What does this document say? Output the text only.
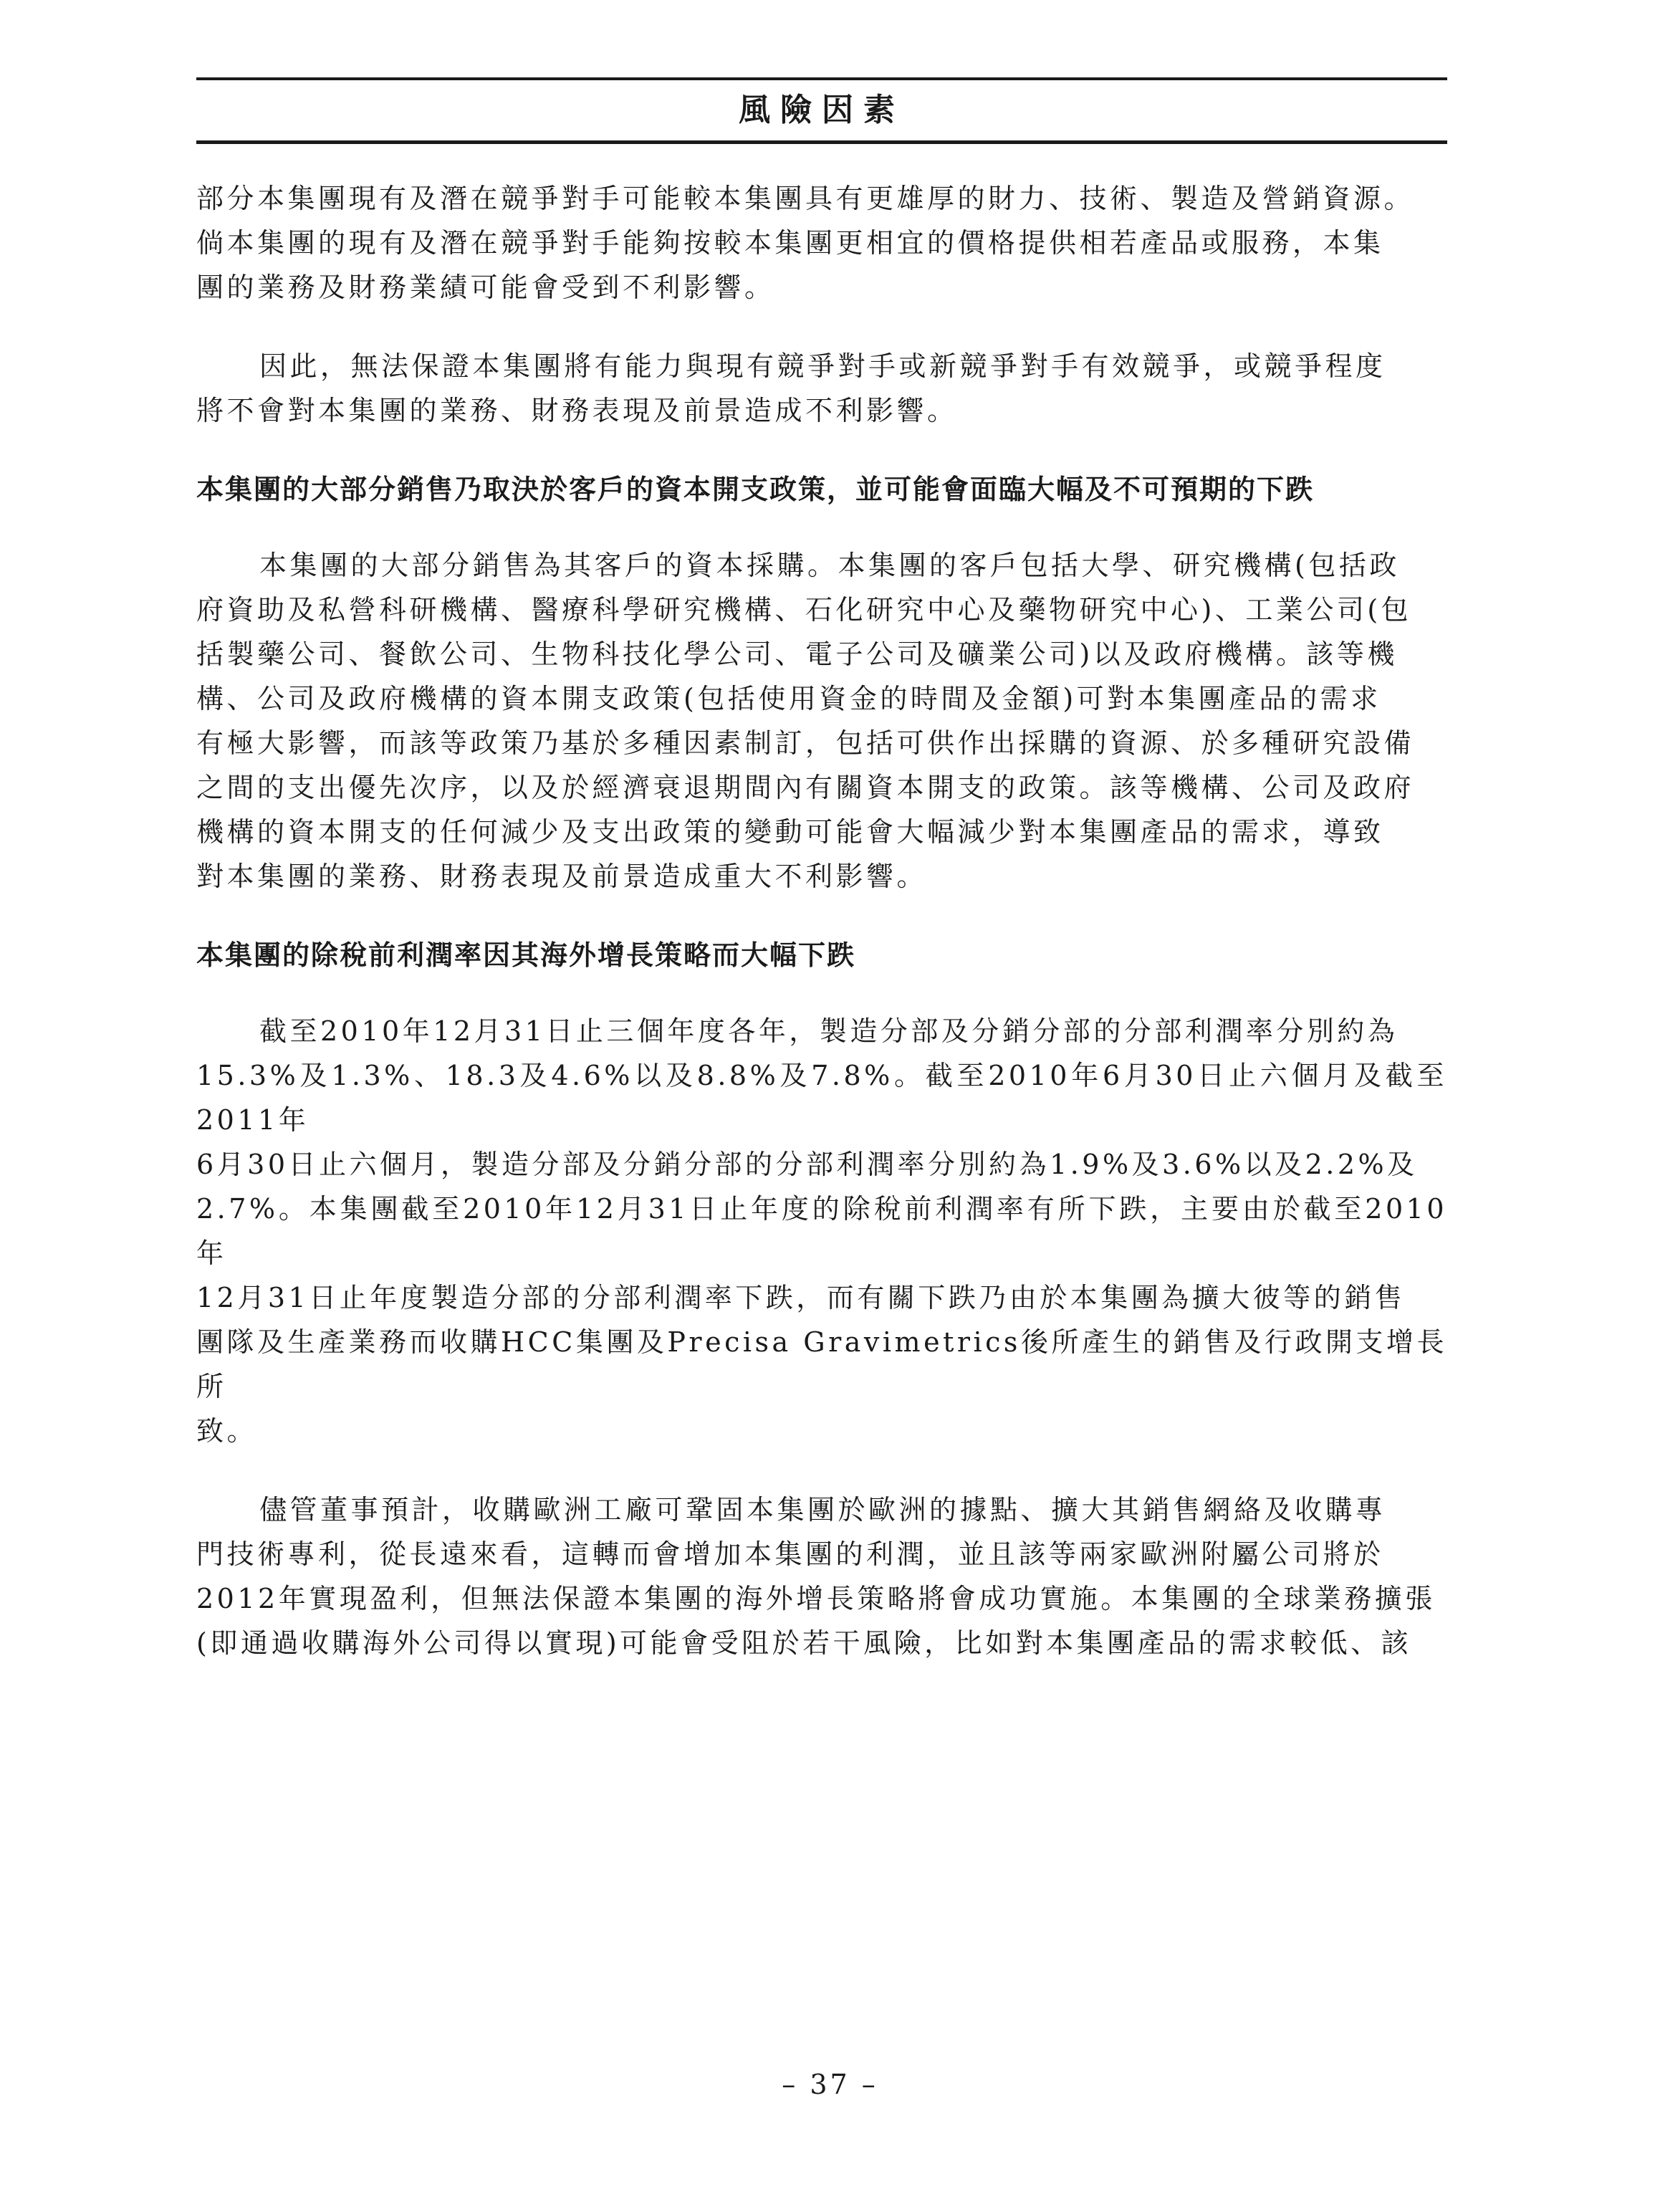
風險因素

部分本集團現有及潛在競爭對手可能較本集團具有更雄厚的財力、技術、製造及營銷資源。
倘本集團的現有及潛在競爭對手能夠按較本集團更相宜的價格提供相若產品或服務，本集
團的業務及財務業績可能會受到不利影響。

因此，無法保證本集團將有能力與現有競爭對手或新競爭對手有效競爭，或競爭程度
將不會對本集團的業務、財務表現及前景造成不利影響。

本集團的大部分銷售乃取決於客戶的資本開支政策，並可能會面臨大幅及不可預期的下跌

本集團的大部分銷售為其客戶的資本採購。本集團的客戶包括大學、研究機構(包括政
府資助及私營科研機構、醫療科學研究機構、石化研究中心及藥物研究中心)、工業公司(包
括製藥公司、餐飲公司、生物科技化學公司、電子公司及礦業公司)以及政府機構。該等機
構、公司及政府機構的資本開支政策(包括使用資金的時間及金額)可對本集團產品的需求
有極大影響，而該等政策乃基於多種因素制訂，包括可供作出採購的資源、於多種研究設備
之間的支出優先次序，以及於經濟衰退期間內有關資本開支的政策。該等機構、公司及政府
機構的資本開支的任何減少及支出政策的變動可能會大幅減少對本集團產品的需求，導致
對本集團的業務、財務表現及前景造成重大不利影響。

本集團的除稅前利潤率因其海外增長策略而大幅下跌

截至2010年12月31日止三個年度各年，製造分部及分銷分部的分部利潤率分別約為
15.3%及1.3%、18.3及4.6%以及8.8%及7.8%。截至2010年6月30日止六個月及截至2011年
6月30日止六個月，製造分部及分銷分部的分部利潤率分別約為1.9%及3.6%以及2.2%及
2.7%。本集團截至2010年12月31日止年度的除稅前利潤率有所下跌，主要由於截至2010年
12月31日止年度製造分部的分部利潤率下跌，而有關下跌乃由於本集團為擴大彼等的銷售
團隊及生產業務而收購HCC集團及Precisa Gravimetrics後所產生的銷售及行政開支增長所
致。

儘管董事預計，收購歐洲工廠可鞏固本集團於歐洲的據點、擴大其銷售網絡及收購專
門技術專利，從長遠來看，這轉而會增加本集團的利潤，並且該等兩家歐洲附屬公司將於
2012年實現盈利，但無法保證本集團的海外增長策略將會成功實施。本集團的全球業務擴張
(即通過收購海外公司得以實現)可能會受阻於若干風險，比如對本集團產品的需求較低、該

– 37 –
